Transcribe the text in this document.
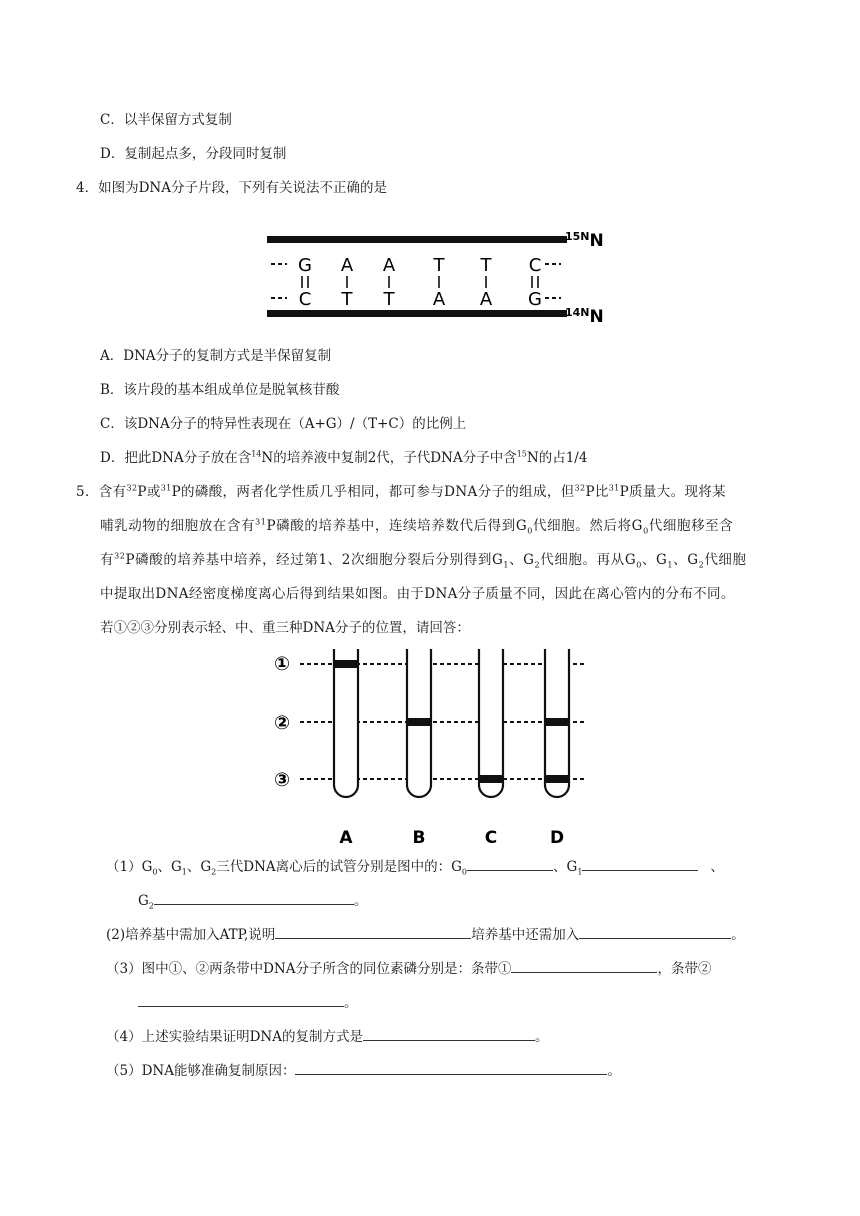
C．以半保留方式复制
D．复制起点多，分段同时复制
4．如图为DNA分子片段，下列有关说法不正确的是
G
C
A
T
A
T
T
A
T
A
C
G
$^{15N}$N
$^{14N}$N
A．DNA分子的复制方式是半保留复制
B．该片段的基本组成单位是脱氧核苷酸
C．该DNA分子的特异性表现在（A+G）/（T+C）的比例上
D．把此DNA分子放在含$^{14}$N的培养液中复制2代，子代DNA分子中含$^{15}$N的占1/4
5．含有$^{32}$P或$^{31}$P的磷酸，两者化学性质几乎相同，都可参与DNA分子的组成，但$^{32}$P比$^{31}$P质量大。现将某
哺乳动物的细胞放在含有$^{31}$P磷酸的培养基中，连续培养数代后得到$G_0$代细胞。然后将$G_0$代细胞移至含
有$^{32}$P磷酸的培养基中培养，经过第1、2次细胞分裂后分别得到$G_1$、$G_2$代细胞。再从$G_0$、$G_1$、$G_2$代细胞
中提取出DNA经密度梯度离心后得到结果如图。由于DNA分子质量不同，因此在离心管内的分布不同。
若①②③分别表示轻、中、重三种DNA分子的位置，请回答：
①
②
③
A	B	C	D
$(1)G_0$、$G_1$、$G_2$三代DNA离心后的试管分别是图中的：$G_0$	、$G_1$	、
$G_2$	。
(2)培养基中需加入ATP,说明	培养基中还需加入	。
（3）图中①、②两条带中DNA分子所含的同位素磷分别是：条带①	，条带②
。
（4）上述实验结果证明DNA的复制方式是	。
（5）DNA能够准确复制原因：	。
